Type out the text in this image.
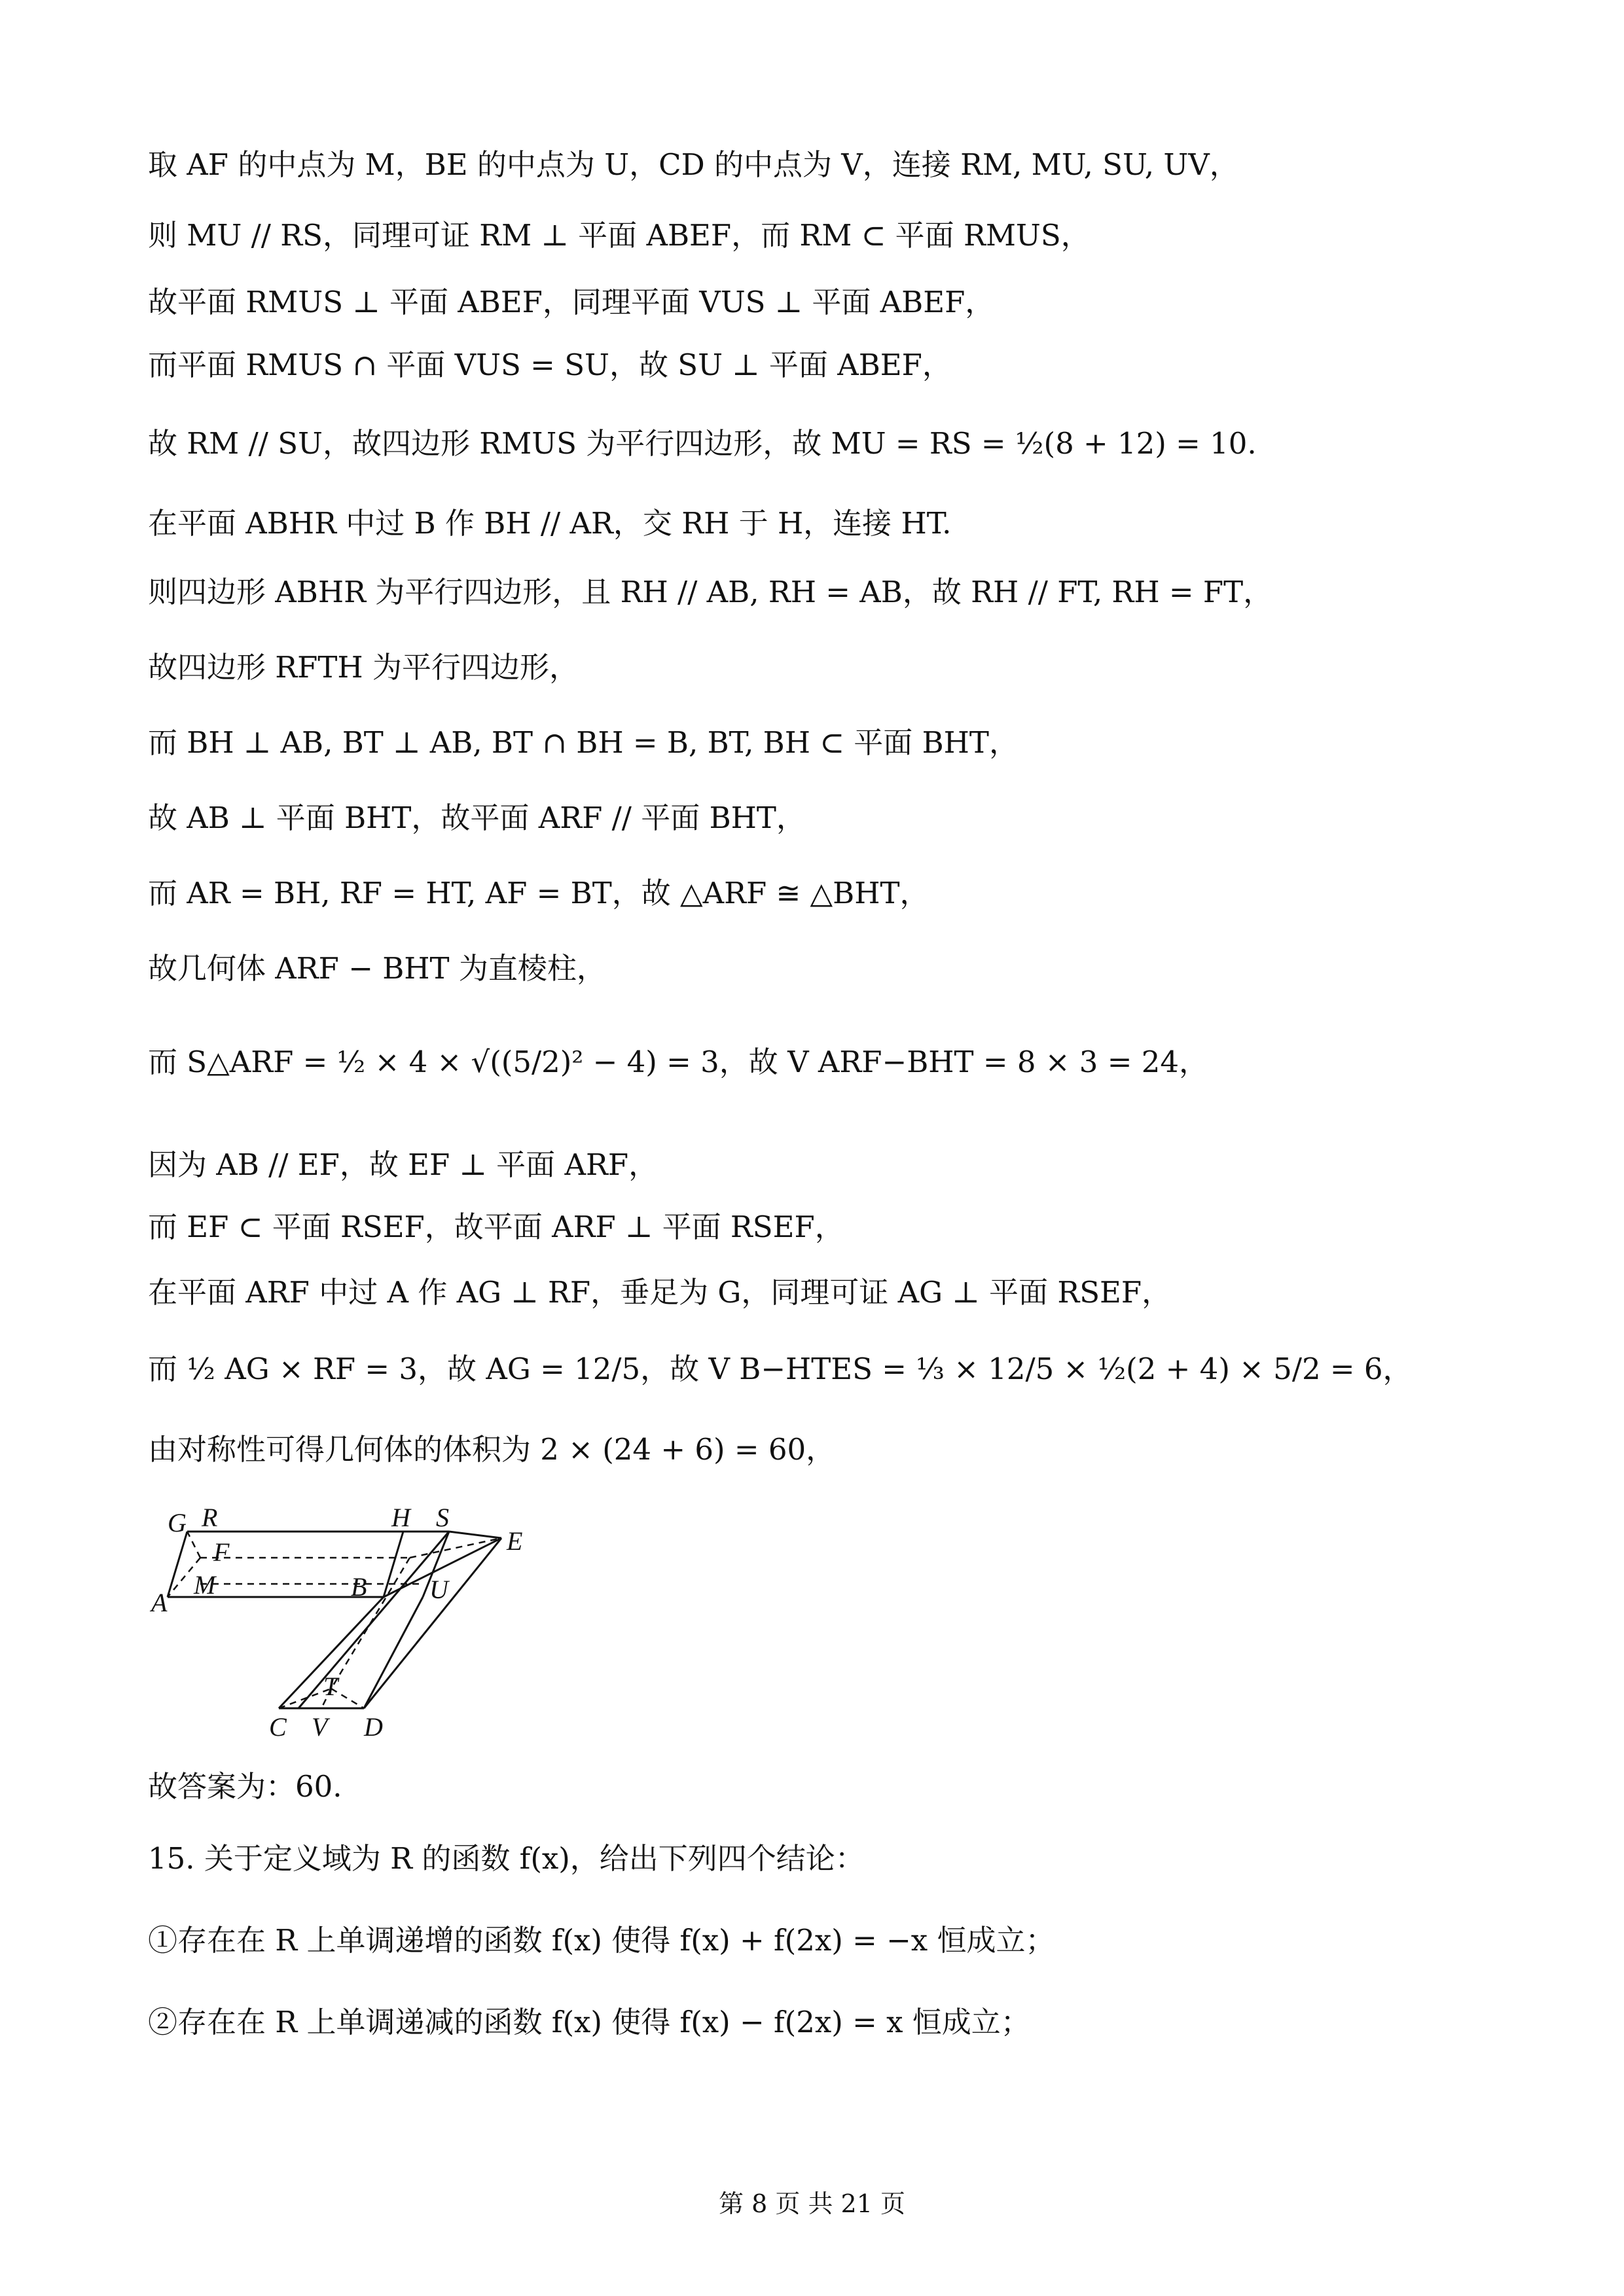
取 AF 的中点为 M，BE 的中点为 U，CD 的中点为 V，连接 RM, MU, SU, UV，
则 MU // RS，同理可证 RM ⊥ 平面 ABEF，而 RM ⊂ 平面 RMUS，
故平面 RMUS ⊥ 平面 ABEF，同理平面 VUS ⊥ 平面 ABEF，
而平面 RMUS ∩ 平面 VUS = SU，故 SU ⊥ 平面 ABEF，
故 RM // SU，故四边形 RMUS 为平行四边形，故 MU = RS = ½(8 + 12) = 10.
在平面 ABHR 中过 B 作 BH // AR，交 RH 于 H，连接 HT.
则四边形 ABHR 为平行四边形，且 RH // AB, RH = AB，故 RH // FT, RH = FT，
故四边形 RFTH 为平行四边形，
而 BH ⊥ AB, BT ⊥ AB, BT ∩ BH = B, BT, BH ⊂ 平面 BHT，
故 AB ⊥ 平面 BHT，故平面 ARF // 平面 BHT，
而 AR = BH, RF = HT, AF = BT，故 △ARF ≅ △BHT，
故几何体 ARF − BHT 为直棱柱，
而 S△ARF = ½ × 4 × √((5/2)² − 4) = 3，故 V ARF−BHT = 8 × 3 = 24，
因为 AB // EF，故 EF ⊥ 平面 ARF，
而 EF ⊂ 平面 RSEF，故平面 ARF ⊥ 平面 RSEF，
在平面 ARF 中过 A 作 AG ⊥ RF，垂足为 G，同理可证 AG ⊥ 平面 RSEF，
而 ½ AG × RF = 3，故 AG = 12/5，故 V B−HTES = ⅓ × 12/5 × ½(2 + 4) × 5/2 = 6，
由对称性可得几何体的体积为 2 × (24 + 6) = 60，
G R	H S
F	E
A
M	B U
T
C V D
故答案为：60.
15. 关于定义域为 R 的函数 f(x)，给出下列四个结论：
①存在在 R 上单调递增的函数 f(x) 使得 f(x) + f(2x) = −x 恒成立；
②存在在 R 上单调递减的函数 f(x) 使得 f(x) − f(2x) = x 恒成立；
第 8 页 共 21 页
